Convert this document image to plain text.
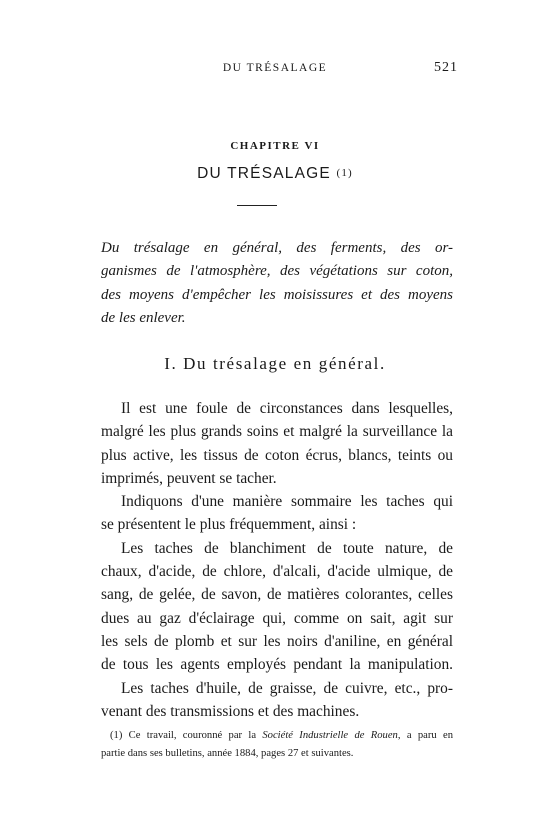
DU TRÉSALAGE	521
CHAPITRE VI
DU TRÉSALAGE (1)
Du trésalage en général, des ferments, des or-
ganismes de l'atmosphère, des végétations sur coton,
des moyens d'empêcher les moisissures et des moyens
de les enlever.
I. Du trésalage en général.
Il est une foule de circonstances dans lesquelles,
malgré les plus grands soins et malgré la surveillance la
plus active, les tissus de coton écrus, blancs, teints ou
imprimés, peuvent se tacher.
Indiquons d'une manière sommaire les taches qui
se présentent le plus fréquemment, ainsi :
Les taches de blanchiment de toute nature, de
chaux, d'acide, de chlore, d'alcali, d'acide ulmique, de
sang, de gelée, de savon, de matières colorantes, celles
dues au gaz d'éclairage qui, comme on sait, agit sur
les sels de plomb et sur les noirs d'aniline, en général
de tous les agents employés pendant la manipulation.
Les taches d'huile, de graisse, de cuivre, etc., pro-
venant des transmissions et des machines.
(1) Ce travail, couronné par la Société Industrielle de Rouen, a paru en
partie dans ses bulletins, année 1884, pages 27 et suivantes.
